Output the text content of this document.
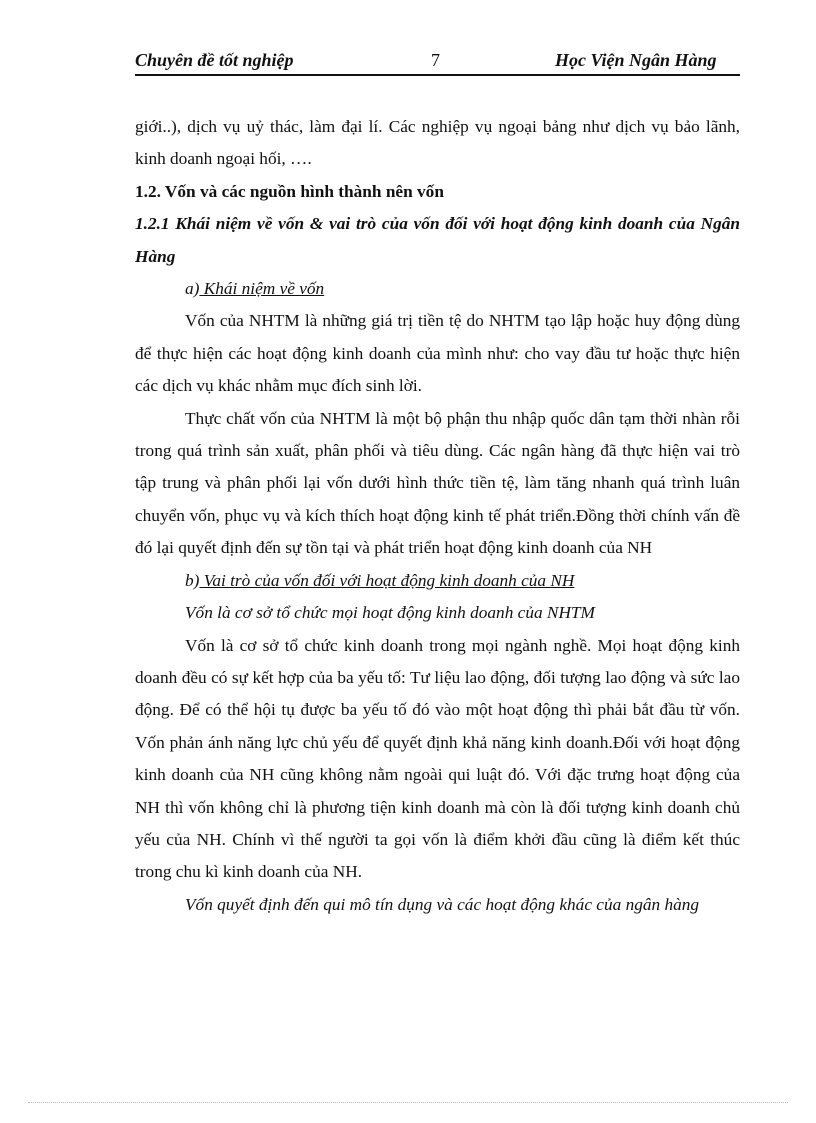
Chuyên đề tốt nghiệp	7	Học Viện Ngân Hàng

giới..), dịch vụ uỷ thác, làm đại lí. Các nghiệp vụ ngoại bảng như dịch vụ bảo lãnh, kinh doanh ngoại hối, ….

1.2. Vốn và các nguồn hình thành nên vốn

1.2.1 Khái niệm về vốn & vai trò của vốn đối với hoạt động kinh doanh của Ngân Hàng

a) Khái niệm về vốn

Vốn của NHTM là những giá trị tiền tệ do NHTM tạo lập hoặc huy động dùng để thực hiện các hoạt động kinh doanh của mình như: cho vay đầu tư hoặc thực hiện các dịch vụ khác nhằm mục đích sinh lời.

Thực chất vốn của NHTM là một bộ phận thu nhập quốc dân tạm thời nhàn rỗi trong quá trình sản xuất, phân phối và tiêu dùng. Các ngân hàng đã thực hiện vai trò tập trung và phân phối lại vốn dưới hình thức tiền tệ, làm tăng nhanh quá trình luân chuyển vốn, phục vụ và kích thích hoạt động kinh tế phát triển.Đồng thời chính vấn đề đó lại quyết định đến sự tồn tại và phát triển hoạt động kinh doanh của NH

b) Vai trò của vốn đối với hoạt động kinh doanh của NH

Vốn là cơ sở tổ chức mọi hoạt động kinh doanh của NHTM

Vốn là cơ sở tổ chức kinh doanh trong mọi ngành nghề. Mọi hoạt động kinh doanh đều có sự kết hợp của ba yếu tố: Tư liệu lao động, đối tượng lao động và sức lao động. Để có thể hội tụ được ba yếu tố đó vào một hoạt động thì phải bắt đầu từ vốn. Vốn phản ánh năng lực chủ yếu để quyết định khả năng kinh doanh.Đối với hoạt động kinh doanh của NH cũng không nằm ngoài qui luật đó. Với đặc trưng hoạt động của NH thì vốn không chỉ là phương tiện kinh doanh mà còn là đối tượng kinh doanh chủ yếu của NH. Chính vì thế người ta gọi vốn là điểm khởi đầu cũng là điểm kết thúc trong chu kì kinh doanh của NH.

Vốn quyết định đến qui mô tín dụng và các hoạt động khác của ngân hàng
